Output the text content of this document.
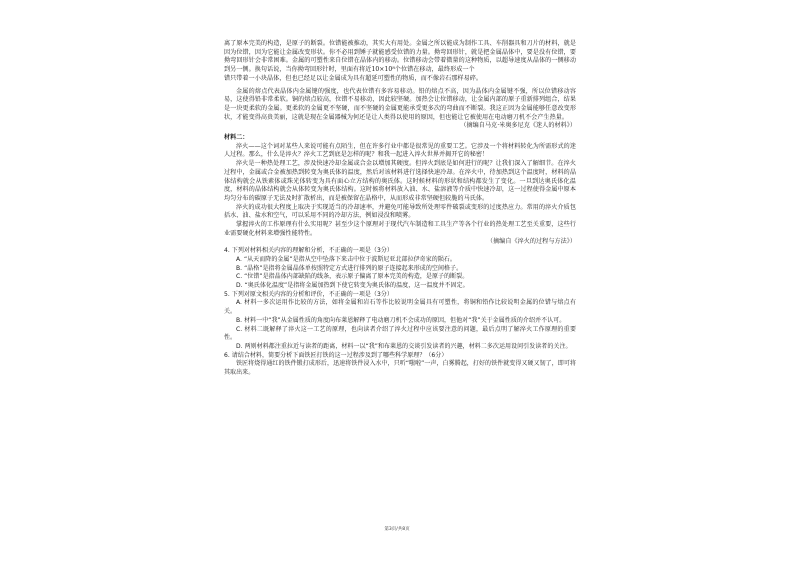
离了原本完美的构造，是原子的断裂。位错能被推动，其实大有用处。金属之所以能成为制作工具、车削器具和刀片的材料，就是因为位错，因为它能让金属改变形状。你不必用到锤子就能感受位错的力量。拗弯回形针，就是把金属晶体中，要是没有位错，要拗弯回形针会非常困难。金属的可塑性来自位错在晶体内的移动。位错移动会带着微量的这种物质，以超导速度从晶体的一侧移动到另一侧。换句话说，当你拗弯回形针时，里面有将近10×10⁸个位错在移动，最终形成一个

错只带着一小块晶体，但也已经足以让金属成为具有超延可塑性的物质，而不像岩石那样易碎。

金属的熔点代表晶体内金属键的强度，也代表位错有多容易移动。铅的熔点不高，因为晶体内金属键不强，所以位错移动容易，这使得铅非常柔软。铜的熔点较高，位错不易移动，因此较坚硬。加热会让位错移动，让金属内部的原子重新排列组合，结果是一块更柔软的金属。更柔软的金属更不坚硬，而不坚硬的金属更能承受更多次的弯曲而不断裂。我这正因为金属能够任意改变形状，才能变得高贵美丽，这就是现在金属器械为何还是让人类得以使用的原因，但也能让它被使用在电动磨刀机不会产生热量。

（摘编自马克·米奥多尼克《迷人的材料》）

材料二：

淬火——这个词对某些人来说可能有点陌生，但在许多行业中都是很常见的重要工艺。它涉及一个将材料转化为所需形式的迷人过程。那么，什么是淬火？淬火工艺到底是怎样的呢？和我一起进入淬火世界并揭开它的秘密！

淬火是一种热处理工艺，涉及快速冷却金属或合金以增加其硬度。但淬火到底是如何进行的呢？让我们深入了解细节。在淬火过程中，金属或合金被加热到转变为奥氏体的温度，然后对该材料进行选择快速冷却。在淬火中，待加热到这个温度时，材料的晶体结构就会从铁素体或珠光体转变为具有面心立方结构的奥氏体。这时候材料的形状和结构都发生了变化。一旦到达奥氏体化温度，材料的晶体结构就会从体转变为奥氏体结构。这时候将材料放入油、水、盐溶液等介质中快速冷却，这一过程使得金属中原本均匀分布的碳原子无法及时扩散析出，而是被保留在晶格中，从而形成非常坚硬但较脆的马氏体。

淬火的成功很大程度上取决于实现适当的冷却速率，并避免可能导致所处理零件破裂或变形的过度热应力。常用的淬火介质包括水、油、盐水和空气，可以采用不同的冷却方法，例如浸没和喷雾。

掌握淬火的工作原理有什么实用呢？甚至少这个原理对于现代汽车制造和工具生产等各个行业的热处理工艺至关重要，这些行业需要硬化材料来增强性能特性。

（摘编自《淬火的过程与方法》）

4. 下列对材料相关内容的理解和分析，不正确的一项是（3分）

A. “从天而降的金属”是指从空中坠落下来击中位于波斯尼亚北部拉伊奇家的陨石。

B. “晶格”是指将金属晶体单按照特定方式进行排列的原子连接起来形成的空间格子。

C. “位错”是指晶体内部缺陷的线条，表示原子偏离了原本完美的构造，是原子的断裂。

D. “奥氏体化温度”是指将金属加热到下使它转变为奥氏体的温度，这一温度并不固定。

5. 下列对原文相关内容的分析和评价，不正确的一项是（3分）

A. 材料一多次运用作比较的方法，如将金属和岩石等作比较说明金属具有可塑性，将铜和铅作比较说明金属的位错与熔点有关。

B. 材料一中“我”从金属性质的角度向布莱恩解释了电动磨刀机不会成功的原因，但他对“我”关于金属性质的介绍并不认可。

C. 材料二既解释了淬火这一工艺的原理，也向读者介绍了淬火过程中应该要注意的问题，最后点明了解淬火工作原理的重要性。

D. 两则材料都注重拉近与读者的距离，材料一以“我”和布莱恩的交谈引发读者的兴趣，材料二多次运用设问引发读者的关注。

6. 请结合材料，简要分析下面铁匠打铁的这一过程涉及到了哪些科学原理？（6分）

铁匠将烧得通红的铁件锻打成形后，迅速将铁件浸入水中，只听“嗤啦”一声，白雾腾起，打好的铁件就变得又硬又韧了，即可将其取出来。

第3页/共8页
